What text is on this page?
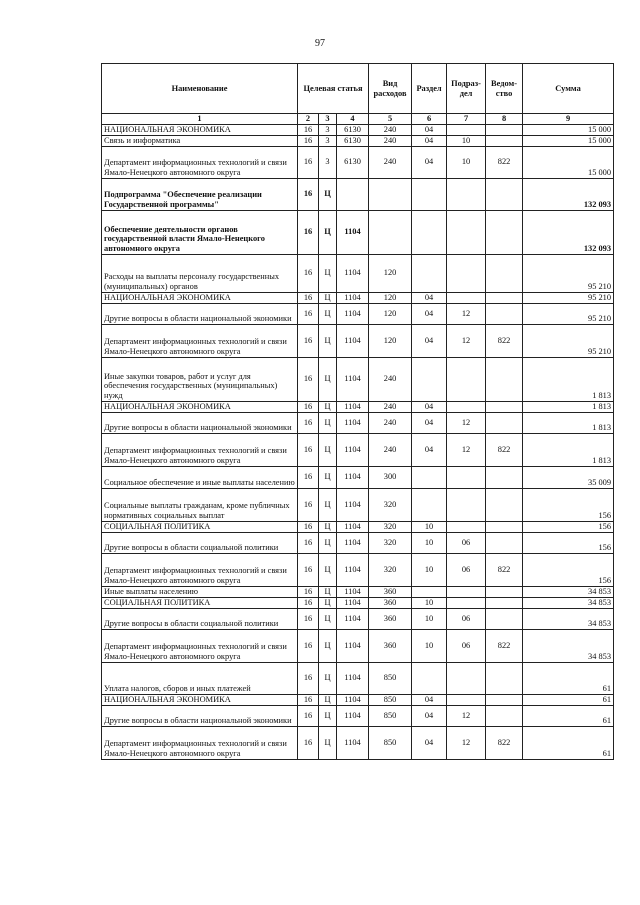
97
Наименование	Целевая статья			Вид расходов	Раздел	Подраз-дел	Ведом-ство	Сумма
1	2	3	4	5	6	7	8	9
НАЦИОНАЛЬНАЯ ЭКОНОМИКА	16	3	6130	240	04			15 000
Связь и информатика	16	3	6130	240	04	10		15 000
Департамент информационных технологий и связи Ямало-Ненецкого автономного округа	16	3	6130	240	04	10	822	15 000
Подпрограмма "Обеспечение реализации Государственной программы"	16	Ц						132 093
Обеспечение деятельности органов государственной власти Ямало-Ненецкого автономного округа	16	Ц	1104					132 093
Расходы на выплаты персоналу государственных (муниципальных) органов	16	Ц	1104	120				95 210
НАЦИОНАЛЬНАЯ ЭКОНОМИКА	16	Ц	1104	120	04			95 210
Другие вопросы в области национальной экономики	16	Ц	1104	120	04	12		95 210
Департамент информационных технологий и связи Ямало-Ненецкого автономного округа	16	Ц	1104	120	04	12	822	95 210
Иные закупки товаров, работ и услуг для обеспечения государственных (муниципальных) нужд	16	Ц	1104	240				1 813
НАЦИОНАЛЬНАЯ ЭКОНОМИКА	16	Ц	1104	240	04			1 813
Другие вопросы в области национальной экономики	16	Ц	1104	240	04	12		1 813
Департамент информационных технологий и связи Ямало-Ненецкого автономного округа	16	Ц	1104	240	04	12	822	1 813
Социальное обеспечение и иные выплаты населению	16	Ц	1104	300				35 009
Социальные выплаты гражданам, кроме публичных нормативных социальных выплат	16	Ц	1104	320				156
СОЦИАЛЬНАЯ ПОЛИТИКА	16	Ц	1104	320	10			156
Другие вопросы в области социальной политики	16	Ц	1104	320	10	06		156
Департамент информационных технологий и связи Ямало-Ненецкого автономного округа	16	Ц	1104	320	10	06	822	156
Иные выплаты населению	16	Ц	1104	360				34 853
СОЦИАЛЬНАЯ ПОЛИТИКА	16	Ц	1104	360	10			34 853
Другие вопросы в области социальной политики	16	Ц	1104	360	10	06		34 853
Департамент информационных технологий и связи Ямало-Ненецкого автономного округа	16	Ц	1104	360	10	06	822	34 853
Уплата налогов, сборов и иных платежей	16	Ц	1104	850				61
НАЦИОНАЛЬНАЯ ЭКОНОМИКА	16	Ц	1104	850	04			61
Другие вопросы в области национальной экономики	16	Ц	1104	850	04	12		61
Департамент информационных технологий и связи Ямало-Ненецкого автономного округа	16	Ц	1104	850	04	12	822	61
